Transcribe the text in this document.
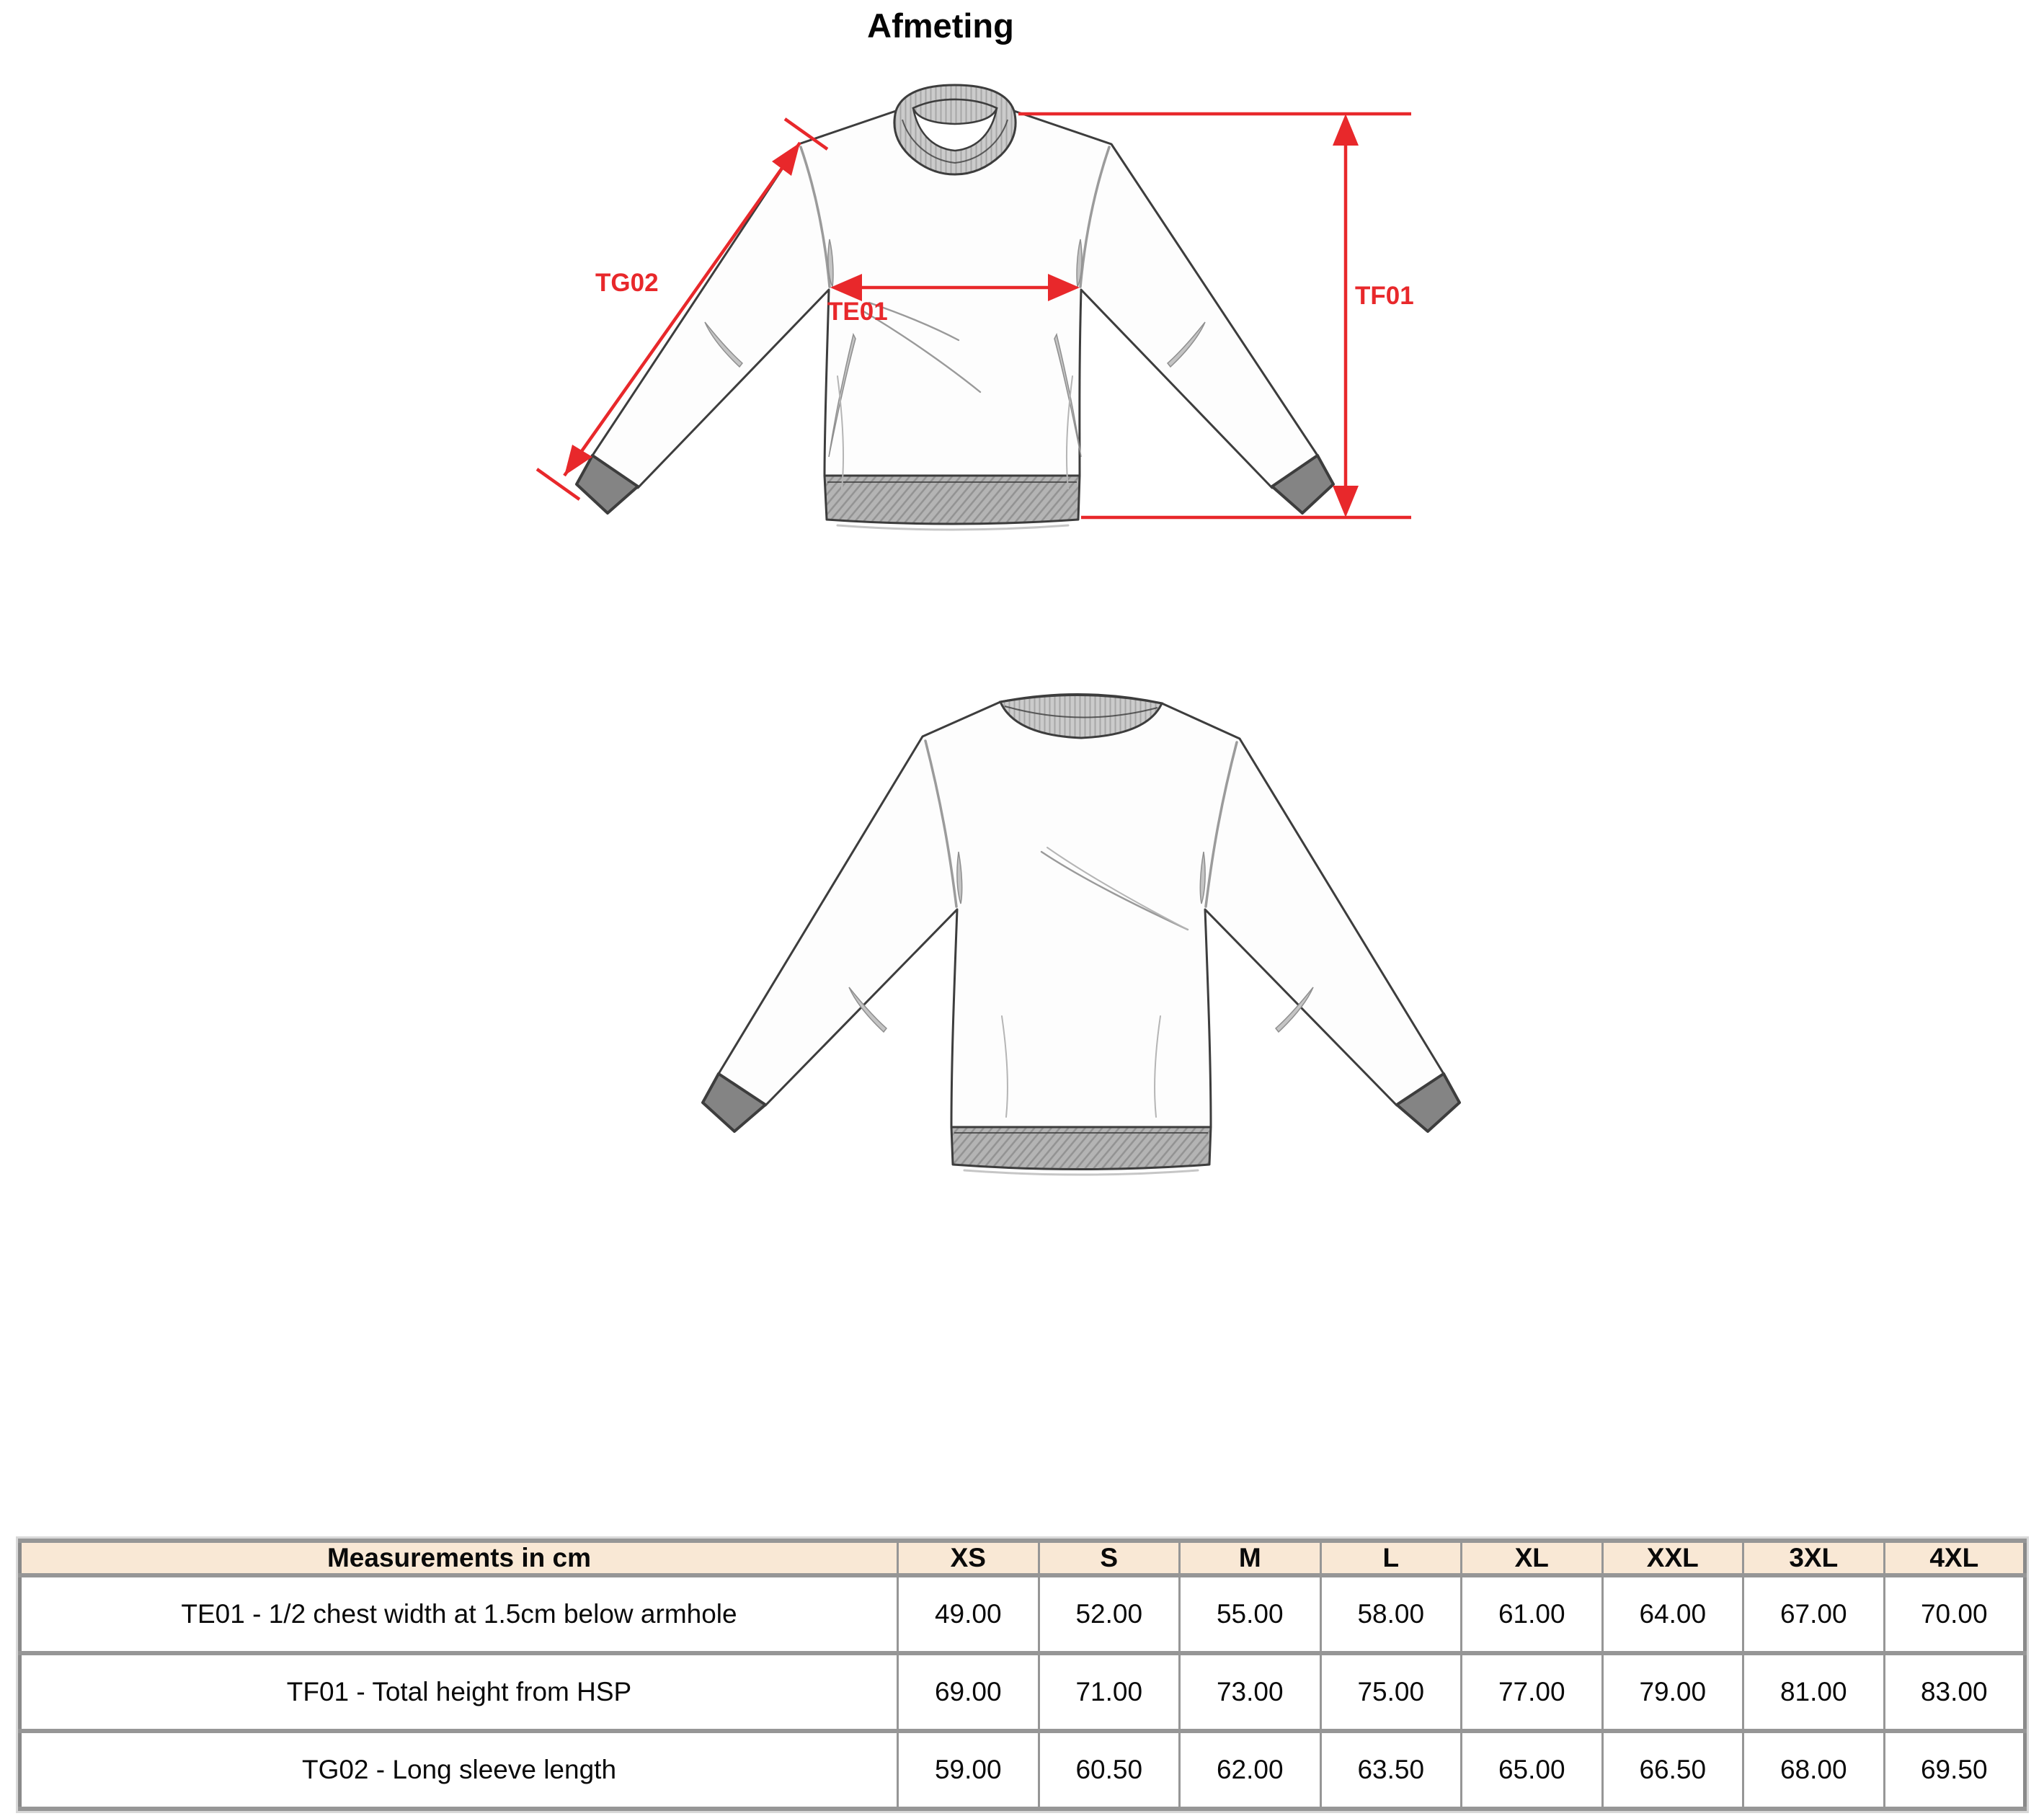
Afmeting
TF01
TE01
TG02
Measurements in cm	XS	S	M	L	XL	XXL	3XL	4XL
TE01 - 1/2 chest width at 1.5cm below armhole	49.00	52.00	55.00	58.00	61.00	64.00	67.00	70.00
TF01 - Total height from HSP	69.00	71.00	73.00	75.00	77.00	79.00	81.00	83.00
TG02 - Long sleeve length	59.00	60.50	62.00	63.50	65.00	66.50	68.00	69.50
